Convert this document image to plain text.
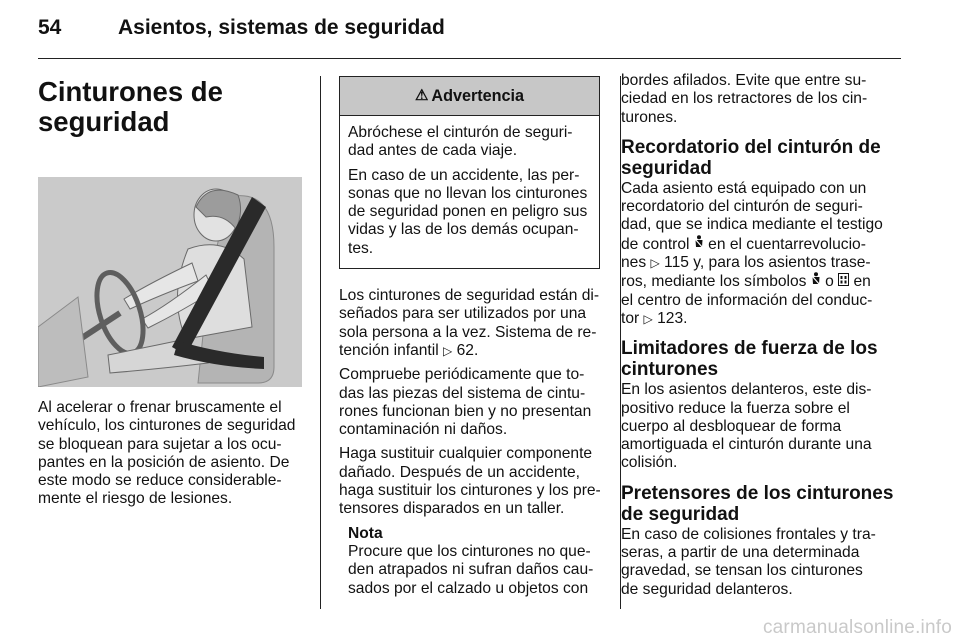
54	Asientos, sistemas de seguridad
Cinturones de
seguridad

Al acelerar o frenar bruscamente el
vehículo, los cinturones de seguridad
se bloquean para sujetar a los ocu-
pantes en la posición de asiento. De
este modo se reduce considerable-
mente el riesgo de lesiones.

⚠ Advertencia

Abróchese el cinturón de seguri-
dad antes de cada viaje.

En caso de un accidente, las per-
sonas que no llevan los cinturones
de seguridad ponen en peligro sus
vidas y las de los demás ocupan-
tes.

Los cinturones de seguridad están di-
señados para ser utilizados por una
sola persona a la vez. Sistema de re-
tención infantil ▷ 62.

Compruebe periódicamente que to-
das las piezas del sistema de cintu-
rones funcionan bien y no presentan
contaminación ni daños.

Haga sustituir cualquier componente
dañado. Después de un accidente,
haga sustituir los cinturones y los pre-
tensores disparados en un taller.

Nota
Procure que los cinturones no que-
den atrapados ni sufran daños cau-
sados por el calzado u objetos con

bordes afilados. Evite que entre su-
ciedad en los retractores de los cin-
turones.

Recordatorio del cinturón de
seguridad

Cada asiento está equipado con un
recordatorio del cinturón de seguri-
dad, que se indica mediante el testigo
de control  en el cuentarrevolucio-
nes ▷ 115 y, para los asientos trase-
ros, mediante los símbolos  o  en
el centro de información del conduc-
tor ▷ 123.

Limitadores de fuerza de los
cinturones

En los asientos delanteros, este dis-
positivo reduce la fuerza sobre el
cuerpo al desbloquear de forma
amortiguada el cinturón durante una
colisión.

Pretensores de los cinturones
de seguridad

En caso de colisiones frontales y tra-
seras, a partir de una determinada
gravedad, se tensan los cinturones
de seguridad delanteros.

carmanualsonline.info
